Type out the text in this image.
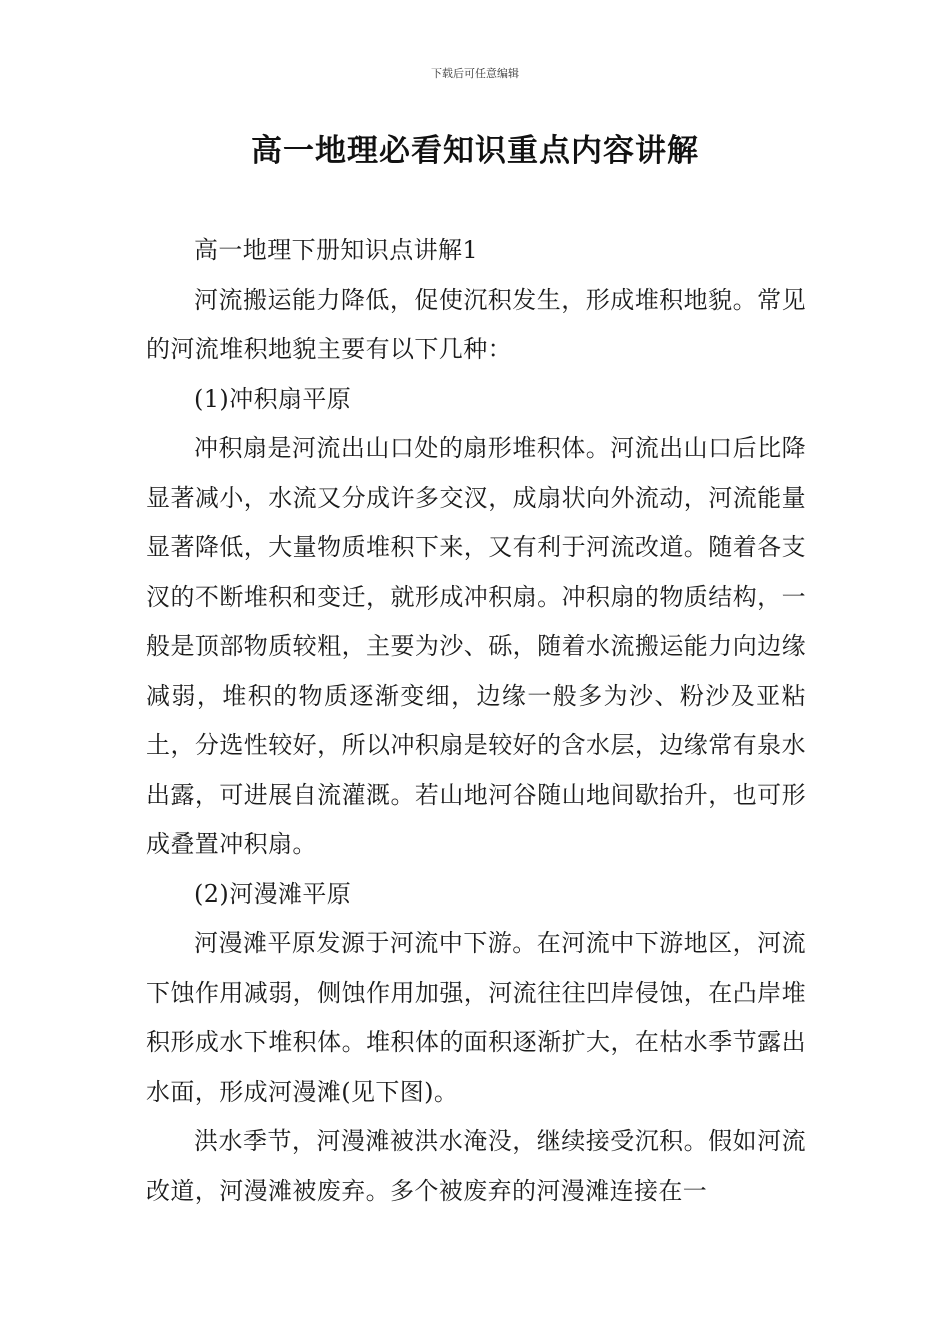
下载后可任意编辑
高一地理必看知识重点内容讲解

高一地理下册知识点讲解1

河流搬运能力降低，促使沉积发生，形成堆积地貌。常见的河流堆积地貌主要有以下几种：

(1)冲积扇平原

冲积扇是河流出山口处的扇形堆积体。河流出山口后比降显著减小，水流又分成许多交汊，成扇状向外流动，河流能量显著降低，大量物质堆积下来，又有利于河流改道。随着各支汊的不断堆积和变迁，就形成冲积扇。冲积扇的物质结构，一般是顶部物质较粗，主要为沙、砾，随着水流搬运能力向边缘减弱，堆积的物质逐渐变细，边缘一般多为沙、粉沙及亚粘土，分选性较好，所以冲积扇是较好的含水层，边缘常有泉水出露，可进展自流灌溉。若山地河谷随山地间歇抬升，也可形成叠置冲积扇。

(2)河漫滩平原

河漫滩平原发源于河流中下游。在河流中下游地区，河流下蚀作用减弱，侧蚀作用加强，河流往往凹岸侵蚀，在凸岸堆积形成水下堆积体。堆积体的面积逐渐扩大，在枯水季节露出水面，形成河漫滩(见下图)。

洪水季节，河漫滩被洪水淹没，继续接受沉积。假如河流改道，河漫滩被废弃。多个被废弃的河漫滩连接在一
